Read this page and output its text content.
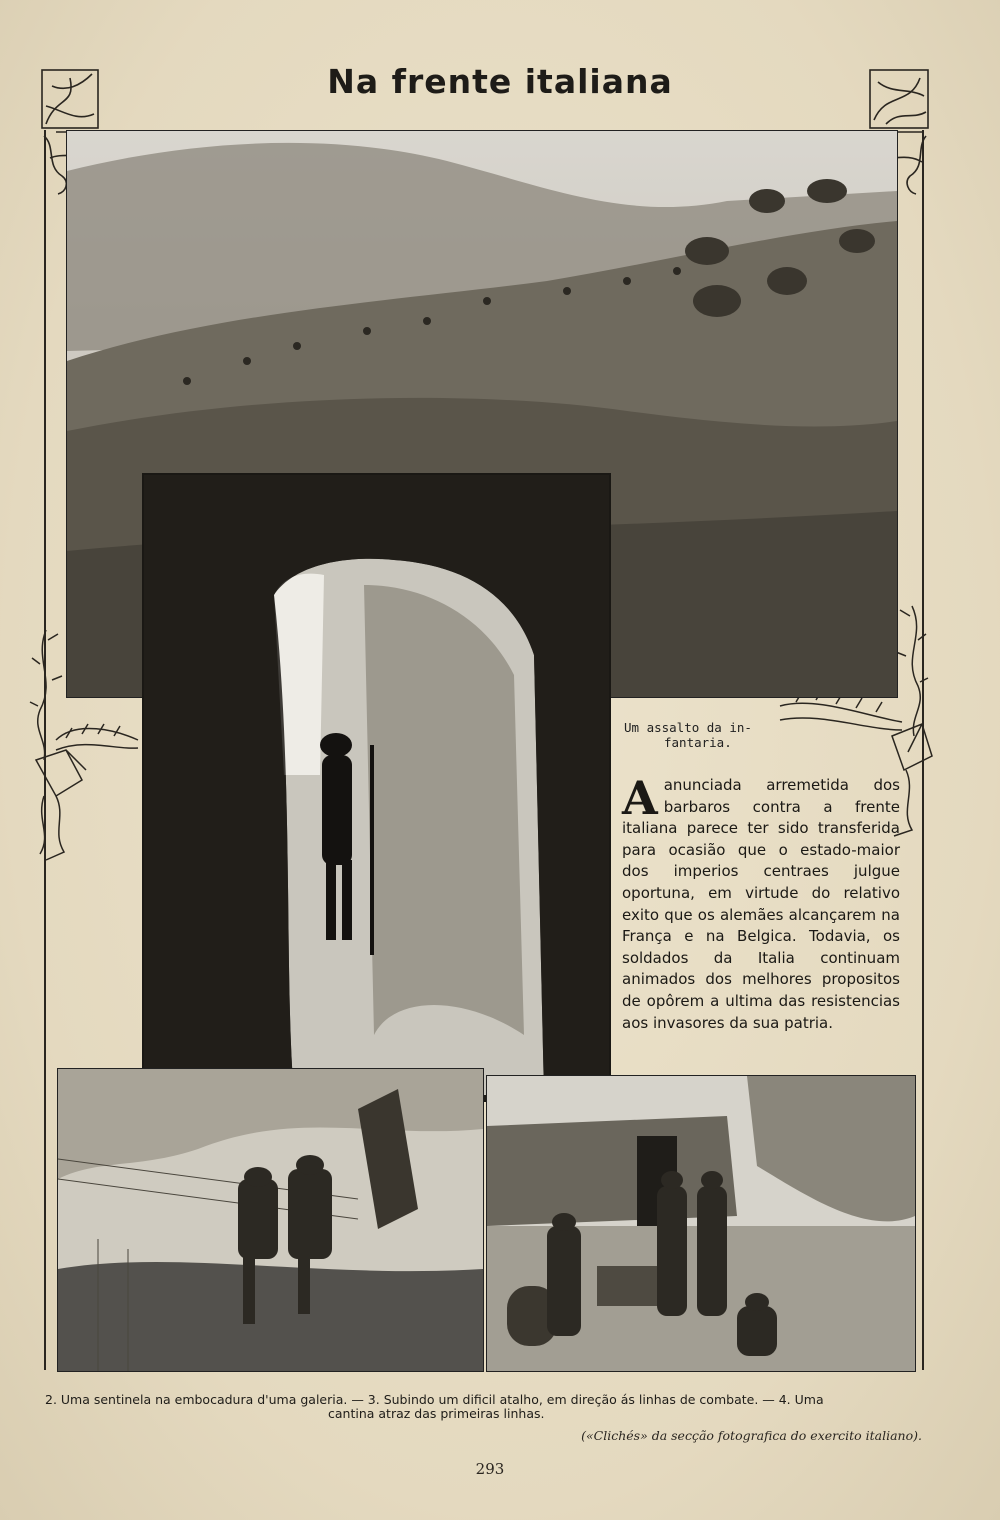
Na frente italiana
Um assalto da in-
fantaria.
A anunciada arremetida dos barbaros contra a frente italiana parece ter sido transferida para ocasião que o estado-maior dos imperios centraes julgue oportuna, em virtude do relativo exito que os alemães alcançarem na França e na Belgica. Todavia, os soldados da Italia continuam animados dos melhores propositos de opôrem a ultima das resistencias aos invasores da sua patria.
2. Uma sentinela na embocadura d'uma galeria. — 3. Subindo um dificil atalho, em direção ás linhas de combate. — 4. Uma
cantina atraz das primeiras linhas.
(«Clichés» da secção fotografica do exercito italiano).
293
